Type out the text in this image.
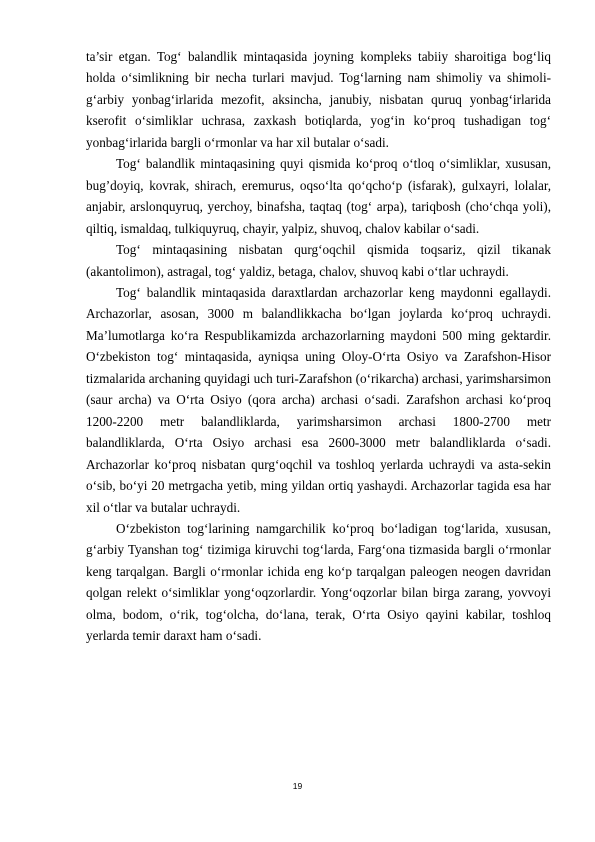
ta’sir etgan. Tog‘ balandlik mintaqasida joyning kompleks tabiiy sharoitiga bog‘liq holda o‘simlikning bir necha turlari mavjud. Tog‘larning nam shimoliy va shimoli-g‘arbiy yonbag‘irlarida mezofit, aksincha, janubiy, nisbatan quruq yonbag‘irlarida kserofit o‘simliklar uchrasa, zaxkash botiqlarda, yog‘in ko‘proq tushadigan tog‘ yonbag‘irlarida bargli o‘rmonlar va har xil butalar o‘sadi.

Tog‘ balandlik mintaqasining quyi qismida ko‘proq o‘tloq o‘simliklar, xususan, bug’doyiq, kovrak, shirach, eremurus, oqso‘lta qo‘qcho‘p (isfarak), gulxayri, lolalar, anjabir, arslonquyruq, yerchoy, binafsha, taqtaq (tog‘ arpa), tariqbosh (cho‘chqa yoli), qiltiq, ismaldaq, tulkiquyruq, chayir, yalpiz, shuvoq, chalov kabilar o‘sadi.

Tog‘ mintaqasining nisbatan qurg‘oqchil qismida toqsariz, qizil tikanak (akantolimon), astragal, tog‘ yaldiz, betaga, chalov, shuvoq kabi o‘tlar uchraydi.

Tog‘ balandlik mintaqasida daraxtlardan archazorlar keng maydonni egallaydi. Archazorlar, asosan, 3000 m balandlikkacha bo‘lgan joylarda ko‘proq uchraydi. Ma’lumotlarga ko‘ra Respublikamizda archazorlarning maydoni 500 ming gektardir. O‘zbekiston tog‘ mintaqasida, ayniqsa uning Oloy-O‘rta Osiyo va Zarafshon-Hisor tizmalarida archaning quyidagi uch turi-Zarafshon (o‘rikarcha) archasi, yarimsharsimon (saur archa) va O‘rta Osiyo (qora archa) archasi o‘sadi. Zarafshon archasi ko‘proq 1200-2200 metr balandliklarda, yarimsharsimon archasi 1800-2700 metr balandliklarda, O‘rta Osiyo archasi esa 2600-3000 metr balandliklarda o‘sadi. Archazorlar ko‘proq nisbatan qurg‘oqchil va toshloq yerlarda uchraydi va asta-sekin o‘sib, bo‘yi 20 metrgacha yetib, ming yildan ortiq yashaydi. Archazorlar tagida esa har xil o‘tlar va butalar uchraydi.

O‘zbekiston tog‘larining namgarchilik ko‘proq bo‘ladigan tog‘larida, xususan, g‘arbiy Tyanshan tog‘ tizimiga kiruvchi tog‘larda, Farg‘ona tizmasida bargli o‘rmonlar keng tarqalgan. Bargli o‘rmonlar ichida eng ko‘p tarqalgan paleogen neogen davridan qolgan relekt o‘simliklar yong‘oqzorlardir. Yong‘oqzorlar bilan birga zarang, yovvoyi olma, bodom, o‘rik, tog‘olcha, do‘lana, terak, O‘rta Osiyo qayini kabilar, toshloq yerlarda temir daraxt ham o‘sadi.

19
